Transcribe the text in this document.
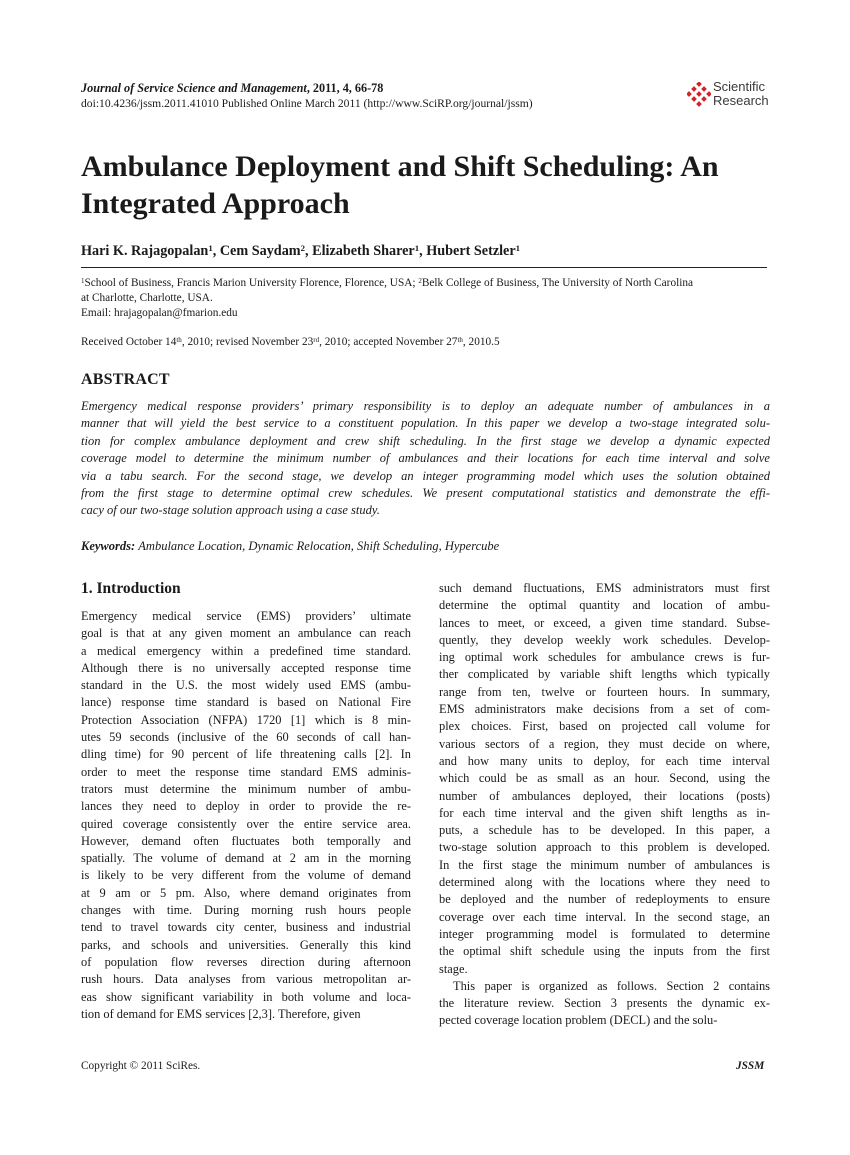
Journal of Service Science and Management, 2011, 4, 66-78
doi:10.4236/jssm.2011.41010 Published Online March 2011 (http://www.SciRP.org/journal/jssm)
Scientific
Research
Ambulance Deployment and Shift Scheduling: An
Integrated Approach
Hari K. Rajagopalan$^1$, Cem Saydam$^2$, Elizabeth Sharer$^1$, Hubert Setzler$^1$
$^1$School of Business, Francis Marion University Florence, Florence, USA; $^2$Belk College of Business, The University of North Carolina
at Charlotte, Charlotte, USA.
Email: hrajagopalan@fmarion.edu
Received October 14th, 2010; revised November 23rd, 2010; accepted November 27th, 2010.5
ABSTRACT
Emergency medical response providers’ primary responsibility is to deploy an adequate number of ambulances in a
manner that will yield the best service to a constituent population. In this paper we develop a two-stage integrated solu-
tion for complex ambulance deployment and crew shift scheduling. In the first stage we develop a dynamic expected
coverage model to determine the minimum number of ambulances and their locations for each time interval and solve
via a tabu search. For the second stage, we develop an integer programming model which uses the solution obtained
from the first stage to determine optimal crew schedules. We present computational statistics and demonstrate the effi-
cacy of our two-stage solution approach using a case study.
Keywords: Ambulance Location, Dynamic Relocation, Shift Scheduling, Hypercube
1. Introduction
Emergency medical service (EMS) providers’ ultimate
goal is that at any given moment an ambulance can reach
a medical emergency within a predefined time standard.
Although there is no universally accepted response time
standard in the U.S. the most widely used EMS (ambu-
lance) response time standard is based on National Fire
Protection Association (NFPA) 1720 [1] which is 8 min-
utes 59 seconds (inclusive of the 60 seconds of call han-
dling time) for 90 percent of life threatening calls [2]. In
order to meet the response time standard EMS adminis-
trators must determine the minimum number of ambu-
lances they need to deploy in order to provide the re-
quired coverage consistently over the entire service area.
However, demand often fluctuates both temporally and
spatially. The volume of demand at 2 am in the morning
is likely to be very different from the volume of demand
at 9 am or 5 pm. Also, where demand originates from
changes with time. During morning rush hours people
tend to travel towards city center, business and industrial
parks, and schools and universities. Generally this kind
of population flow reverses direction during afternoon
rush hours. Data analyses from various metropolitan ar-
eas show significant variability in both volume and loca-
tion of demand for EMS services [2,3]. Therefore, given
such demand fluctuations, EMS administrators must first
determine the optimal quantity and location of ambu-
lances to meet, or exceed, a given time standard. Subse-
quently, they develop weekly work schedules. Develop-
ing optimal work schedules for ambulance crews is fur-
ther complicated by variable shift lengths which typically
range from ten, twelve or fourteen hours. In summary,
EMS administrators make decisions from a set of com-
plex choices. First, based on projected call volume for
various sectors of a region, they must decide on where,
and how many units to deploy, for each time interval
which could be as small as an hour. Second, using the
number of ambulances deployed, their locations (posts)
for each time interval and the given shift lengths as in-
puts, a schedule has to be developed. In this paper, a
two-stage solution approach to this problem is developed.
In the first stage the minimum number of ambulances is
determined along with the locations where they need to
be deployed and the number of redeployments to ensure
coverage over each time interval. In the second stage, an
integer programming model is formulated to determine
the optimal shift schedule using the inputs from the first
stage.
This paper is organized as follows. Section 2 contains
the literature review. Section 3 presents the dynamic ex-
pected coverage location problem (DECL) and the solu-
Copyright © 2011 SciRes.	JSSM
